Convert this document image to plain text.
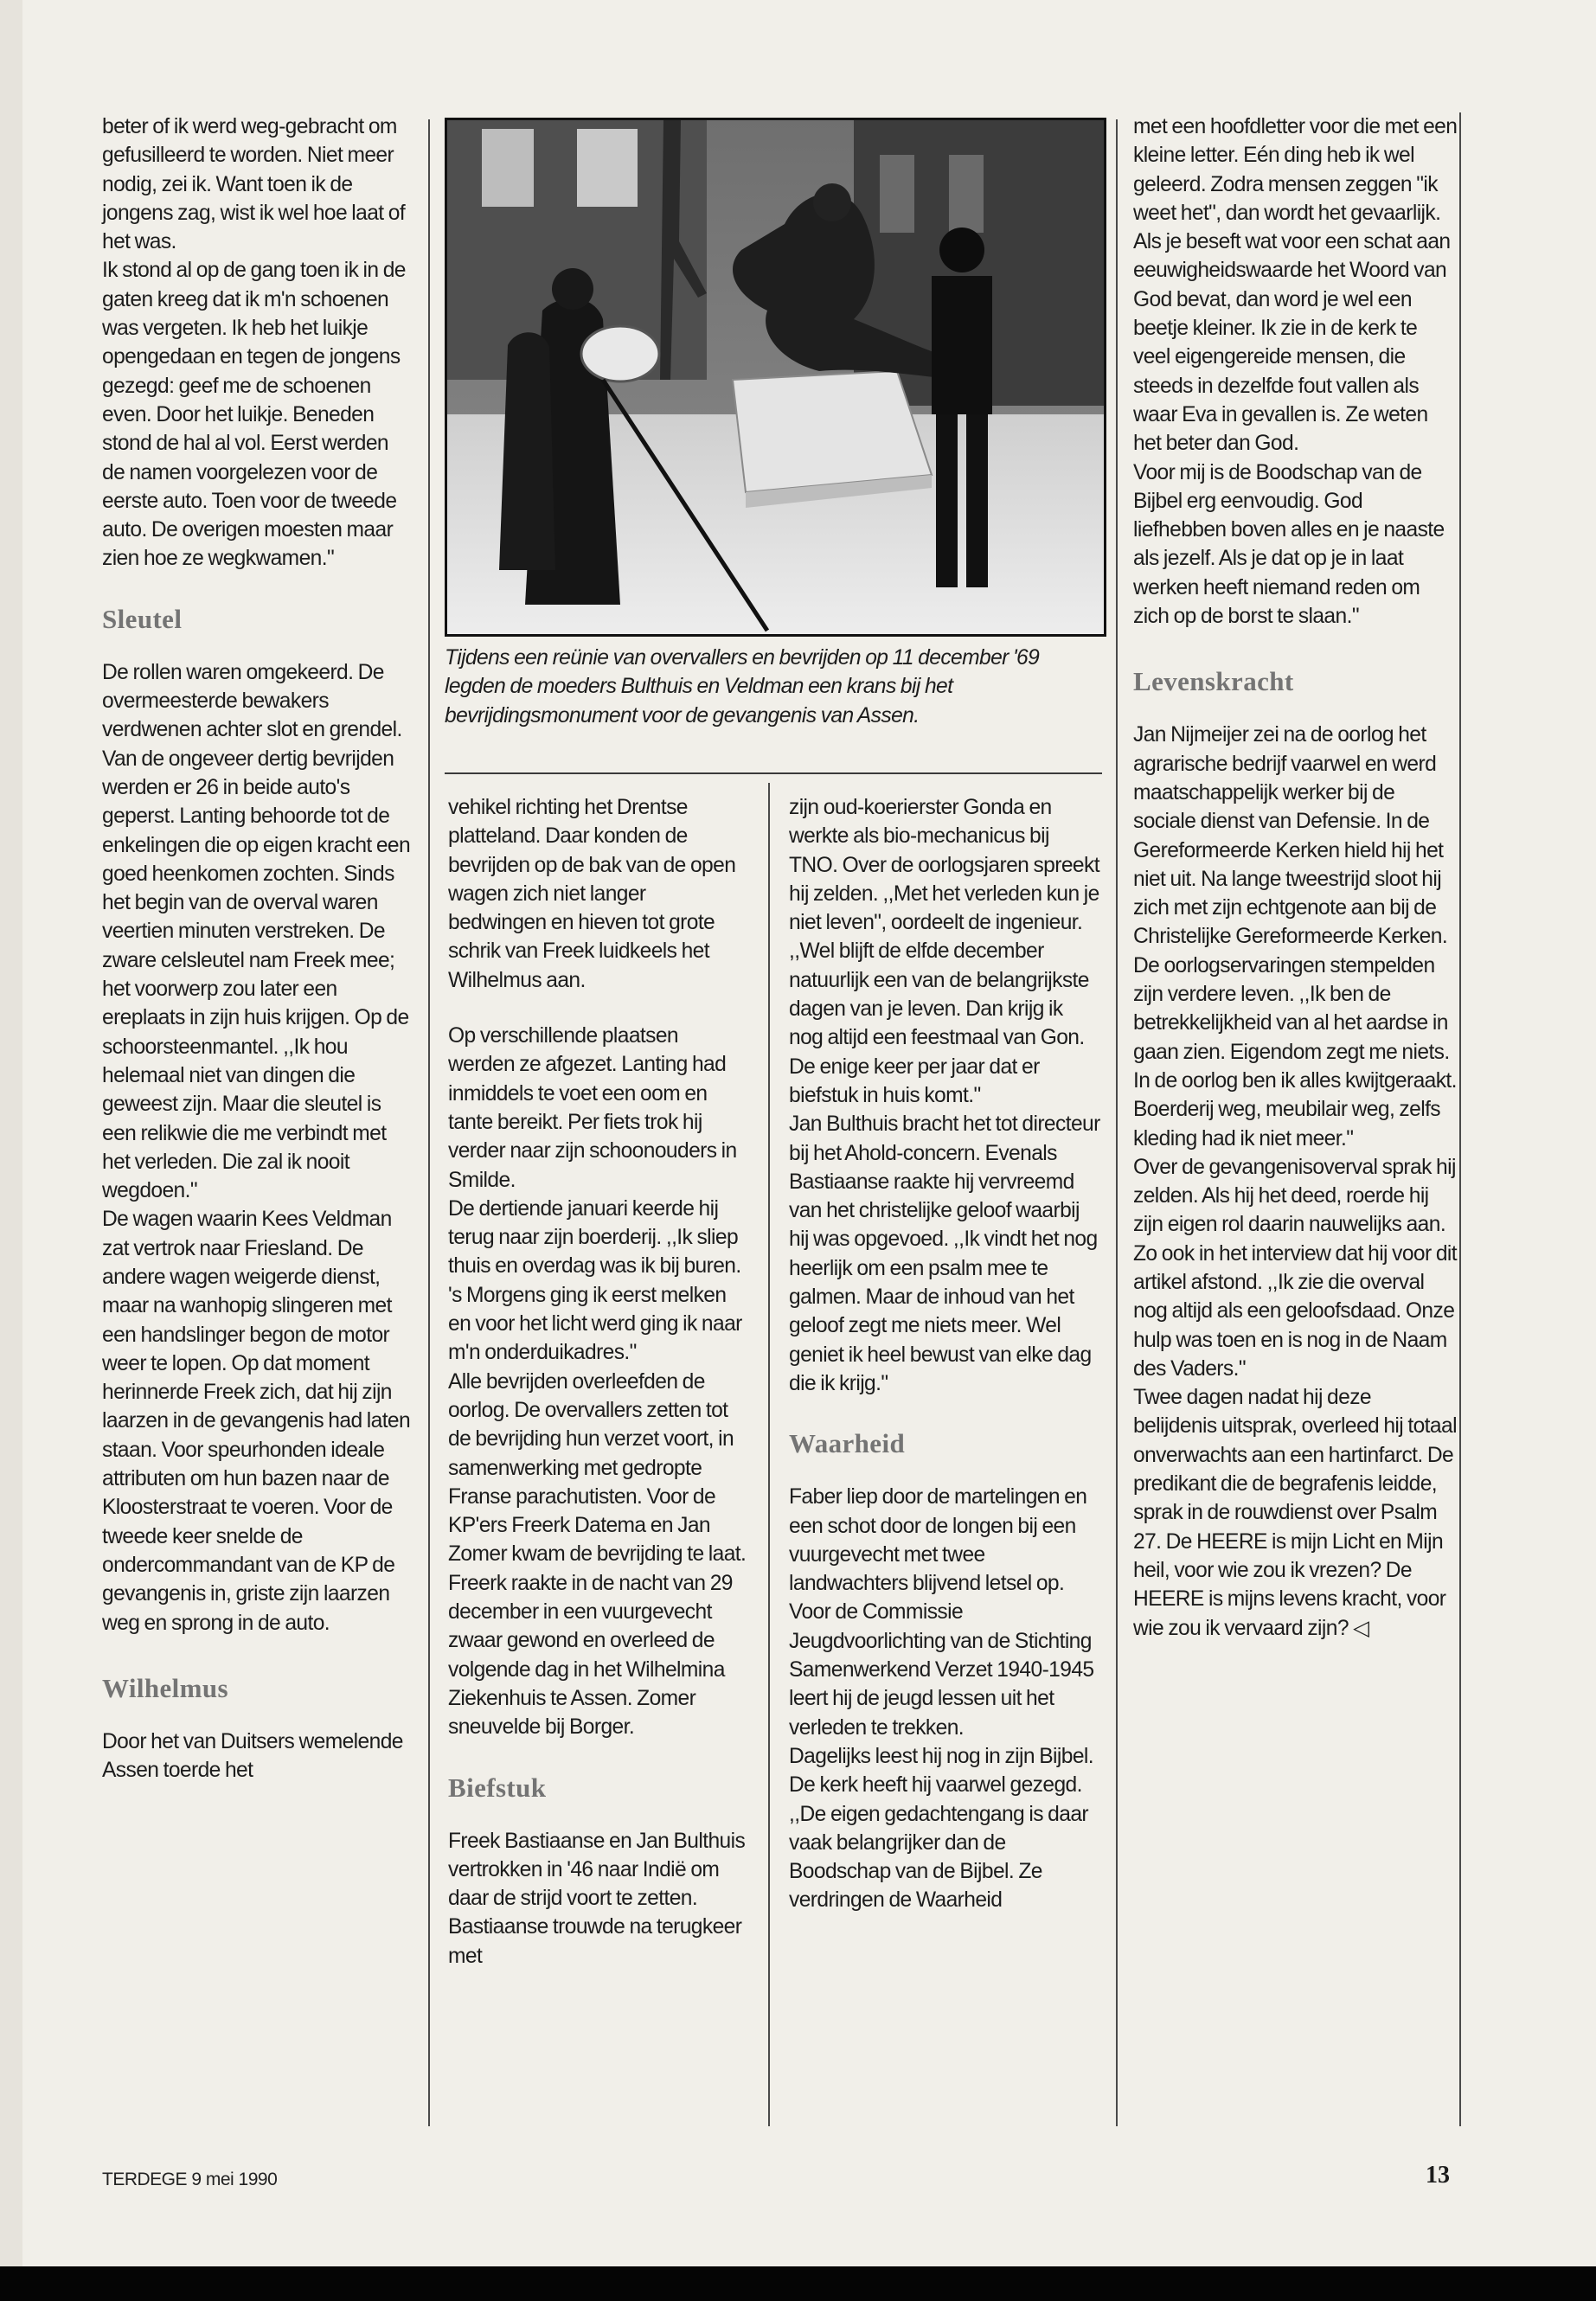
beter of ik werd weg-gebracht om gefusilleerd te worden. Niet meer nodig, zei ik. Want toen ik de jongens zag, wist ik wel hoe laat of het was.

Ik stond al op de gang toen ik in de gaten kreeg dat ik m'n schoenen was vergeten. Ik heb het luikje opengedaan en tegen de jongens gezegd: geef me de schoenen even. Door het luikje. Beneden stond de hal al vol. Eerst werden de namen voorgelezen voor de eerste auto. Toen voor de tweede auto. De overigen moesten maar zien hoe ze wegkwamen."

Sleutel

De rollen waren omgekeerd. De overmeesterde bewakers verdwenen achter slot en grendel. Van de ongeveer dertig bevrijden werden er 26 in beide auto's geperst. Lanting behoorde tot de enkelingen die op eigen kracht een goed heenkomen zochten. Sinds het begin van de overval waren veertien minuten verstreken. De zware celsleutel nam Freek mee; het voorwerp zou later een ereplaats in zijn huis krijgen. Op de schoorsteenmantel. ,,Ik hou helemaal niet van dingen die geweest zijn. Maar die sleutel is een relikwie die me verbindt met het verleden. Die zal ik nooit wegdoen."

De wagen waarin Kees Veldman zat vertrok naar Friesland. De andere wagen weigerde dienst, maar na wanhopig slingeren met een handslinger begon de motor weer te lopen. Op dat moment herinnerde Freek zich, dat hij zijn laarzen in de gevangenis had laten staan. Voor speurhonden ideale attributen om hun bazen naar de Kloosterstraat te voeren. Voor de tweede keer snelde de ondercommandant van de KP de gevangenis in, griste zijn laarzen weg en sprong in de auto.

Wilhelmus

Door het van Duitsers wemelende Assen toerde het

Tijdens een reünie van overvallers en bevrijden op 11 december '69 legden de moeders Bulthuis en Veldman een krans bij het bevrijdingsmonument voor de gevangenis van Assen.

vehikel richting het Drentse platteland. Daar konden de bevrijden op de bak van de open wagen zich niet langer bedwingen en hieven tot grote schrik van Freek luidkeels het Wilhelmus aan.

Op verschillende plaatsen werden ze afgezet. Lanting had inmiddels te voet een oom en tante bereikt. Per fiets trok hij verder naar zijn schoonouders in Smilde.

De dertiende januari keerde hij terug naar zijn boerderij. ,,Ik sliep thuis en overdag was ik bij buren. 's Morgens ging ik eerst melken en voor het licht werd ging ik naar m'n onderduikadres."

Alle bevrijden overleefden de oorlog. De overvallers zetten tot de bevrijding hun verzet voort, in samenwerking met gedropte Franse parachutisten. Voor de KP'ers Freerk Datema en Jan Zomer kwam de bevrijding te laat. Freerk raakte in de nacht van 29 december in een vuurgevecht zwaar gewond en overleed de volgende dag in het Wilhelmina Ziekenhuis te Assen. Zomer sneuvelde bij Borger.

Biefstuk

Freek Bastiaanse en Jan Bulthuis vertrokken in '46 naar Indië om daar de strijd voort te zetten. Bastiaanse trouwde na terugkeer met

zijn oud-koerierster Gonda en werkte als bio-mechanicus bij TNO. Over de oorlogsjaren spreekt hij zelden. ,,Met het verleden kun je niet leven", oordeelt de ingenieur. ,,Wel blijft de elfde december natuurlijk een van de belangrijkste dagen van je leven. Dan krijg ik nog altijd een feestmaal van Gon. De enige keer per jaar dat er biefstuk in huis komt."

Jan Bulthuis bracht het tot directeur bij het Ahold-concern. Evenals Bastiaanse raakte hij vervreemd van het christelijke geloof waarbij hij was opgevoed. ,,Ik vindt het nog heerlijk om een psalm mee te galmen. Maar de inhoud van het geloof zegt me niets meer. Wel geniet ik heel bewust van elke dag die ik krijg."

Waarheid

Faber liep door de martelingen en een schot door de longen bij een vuurgevecht met twee landwachters blijvend letsel op. Voor de Commissie Jeugdvoorlichting van de Stichting Samenwerkend Verzet 1940-1945 leert hij de jeugd lessen uit het verleden te trekken.

Dagelijks leest hij nog in zijn Bijbel. De kerk heeft hij vaarwel gezegd. ,,De eigen gedachtengang is daar vaak belangrijker dan de Boodschap van de Bijbel. Ze verdringen de Waarheid

met een hoofdletter voor die met een kleine letter. Eén ding heb ik wel geleerd. Zodra mensen zeggen "ik weet het", dan wordt het gevaarlijk. Als je beseft wat voor een schat aan eeuwigheidswaarde het Woord van God bevat, dan word je wel een beetje kleiner. Ik zie in de kerk te veel eigengereide mensen, die steeds in dezelfde fout vallen als waar Eva in gevallen is. Ze weten het beter dan God.

Voor mij is de Boodschap van de Bijbel erg eenvoudig. God liefhebben boven alles en je naaste als jezelf. Als je dat op je in laat werken heeft niemand reden om zich op de borst te slaan."

Levenskracht

Jan Nijmeijer zei na de oorlog het agrarische bedrijf vaarwel en werd maatschappelijk werker bij de sociale dienst van Defensie. In de Gereformeerde Kerken hield hij het niet uit. Na lange tweestrijd sloot hij zich met zijn echtgenote aan bij de Christelijke Gereformeerde Kerken.

De oorlogservaringen stempelden zijn verdere leven. ,,Ik ben de betrekkelijkheid van al het aardse in gaan zien. Eigendom zegt me niets. In de oorlog ben ik alles kwijtgeraakt. Boerderij weg, meubilair weg, zelfs kleding had ik niet meer."

Over de gevangenisoverval sprak hij zelden. Als hij het deed, roerde hij zijn eigen rol daarin nauwelijks aan. Zo ook in het interview dat hij voor dit artikel afstond. ,,Ik zie die overval nog altijd als een geloofsdaad. Onze hulp was toen en is nog in de Naam des Vaders."

Twee dagen nadat hij deze belijdenis uitsprak, overleed hij totaal onverwachts aan een hartinfarct. De predikant die de begrafenis leidde, sprak in de rouwdienst over Psalm 27. De HEERE is mijn Licht en Mijn heil, voor wie zou ik vrezen? De HEERE is mijns levens kracht, voor wie zou ik vervaard zijn? ◁

TERDEGE 9 mei 1990	13
